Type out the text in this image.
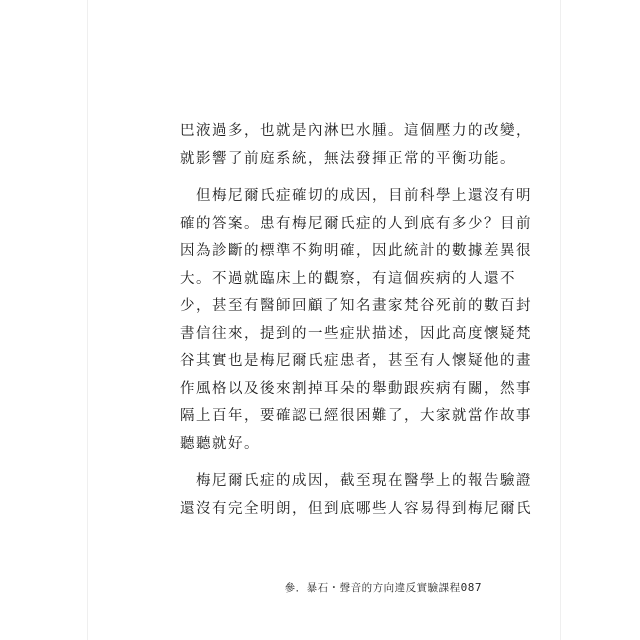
巴液過多，也就是內淋巴水腫。這個壓力的改變，
就影響了前庭系統，無法發揮正常的平衡功能。

　但梅尼爾氏症確切的成因，目前科學上還沒有明
確的答案。患有梅尼爾氏症的人到底有多少？目前
因為診斷的標準不夠明確，因此統計的數據差異很
大。不過就臨床上的觀察，有這個疾病的人還不
少，甚至有醫師回顧了知名畫家梵谷死前的數百封
書信往來，提到的一些症狀描述，因此高度懷疑梵
谷其實也是梅尼爾氏症患者，甚至有人懷疑他的畫
作風格以及後來割掉耳朵的舉動跟疾病有關，然事
隔上百年，要確認已經很困難了，大家就當作故事
聽聽就好。

　梅尼爾氏症的成因，截至現在醫學上的報告驗證
還沒有完全明朗，但到底哪些人容易得到梅尼爾氏

參．暴石・聲音的方向違反實驗課程087
